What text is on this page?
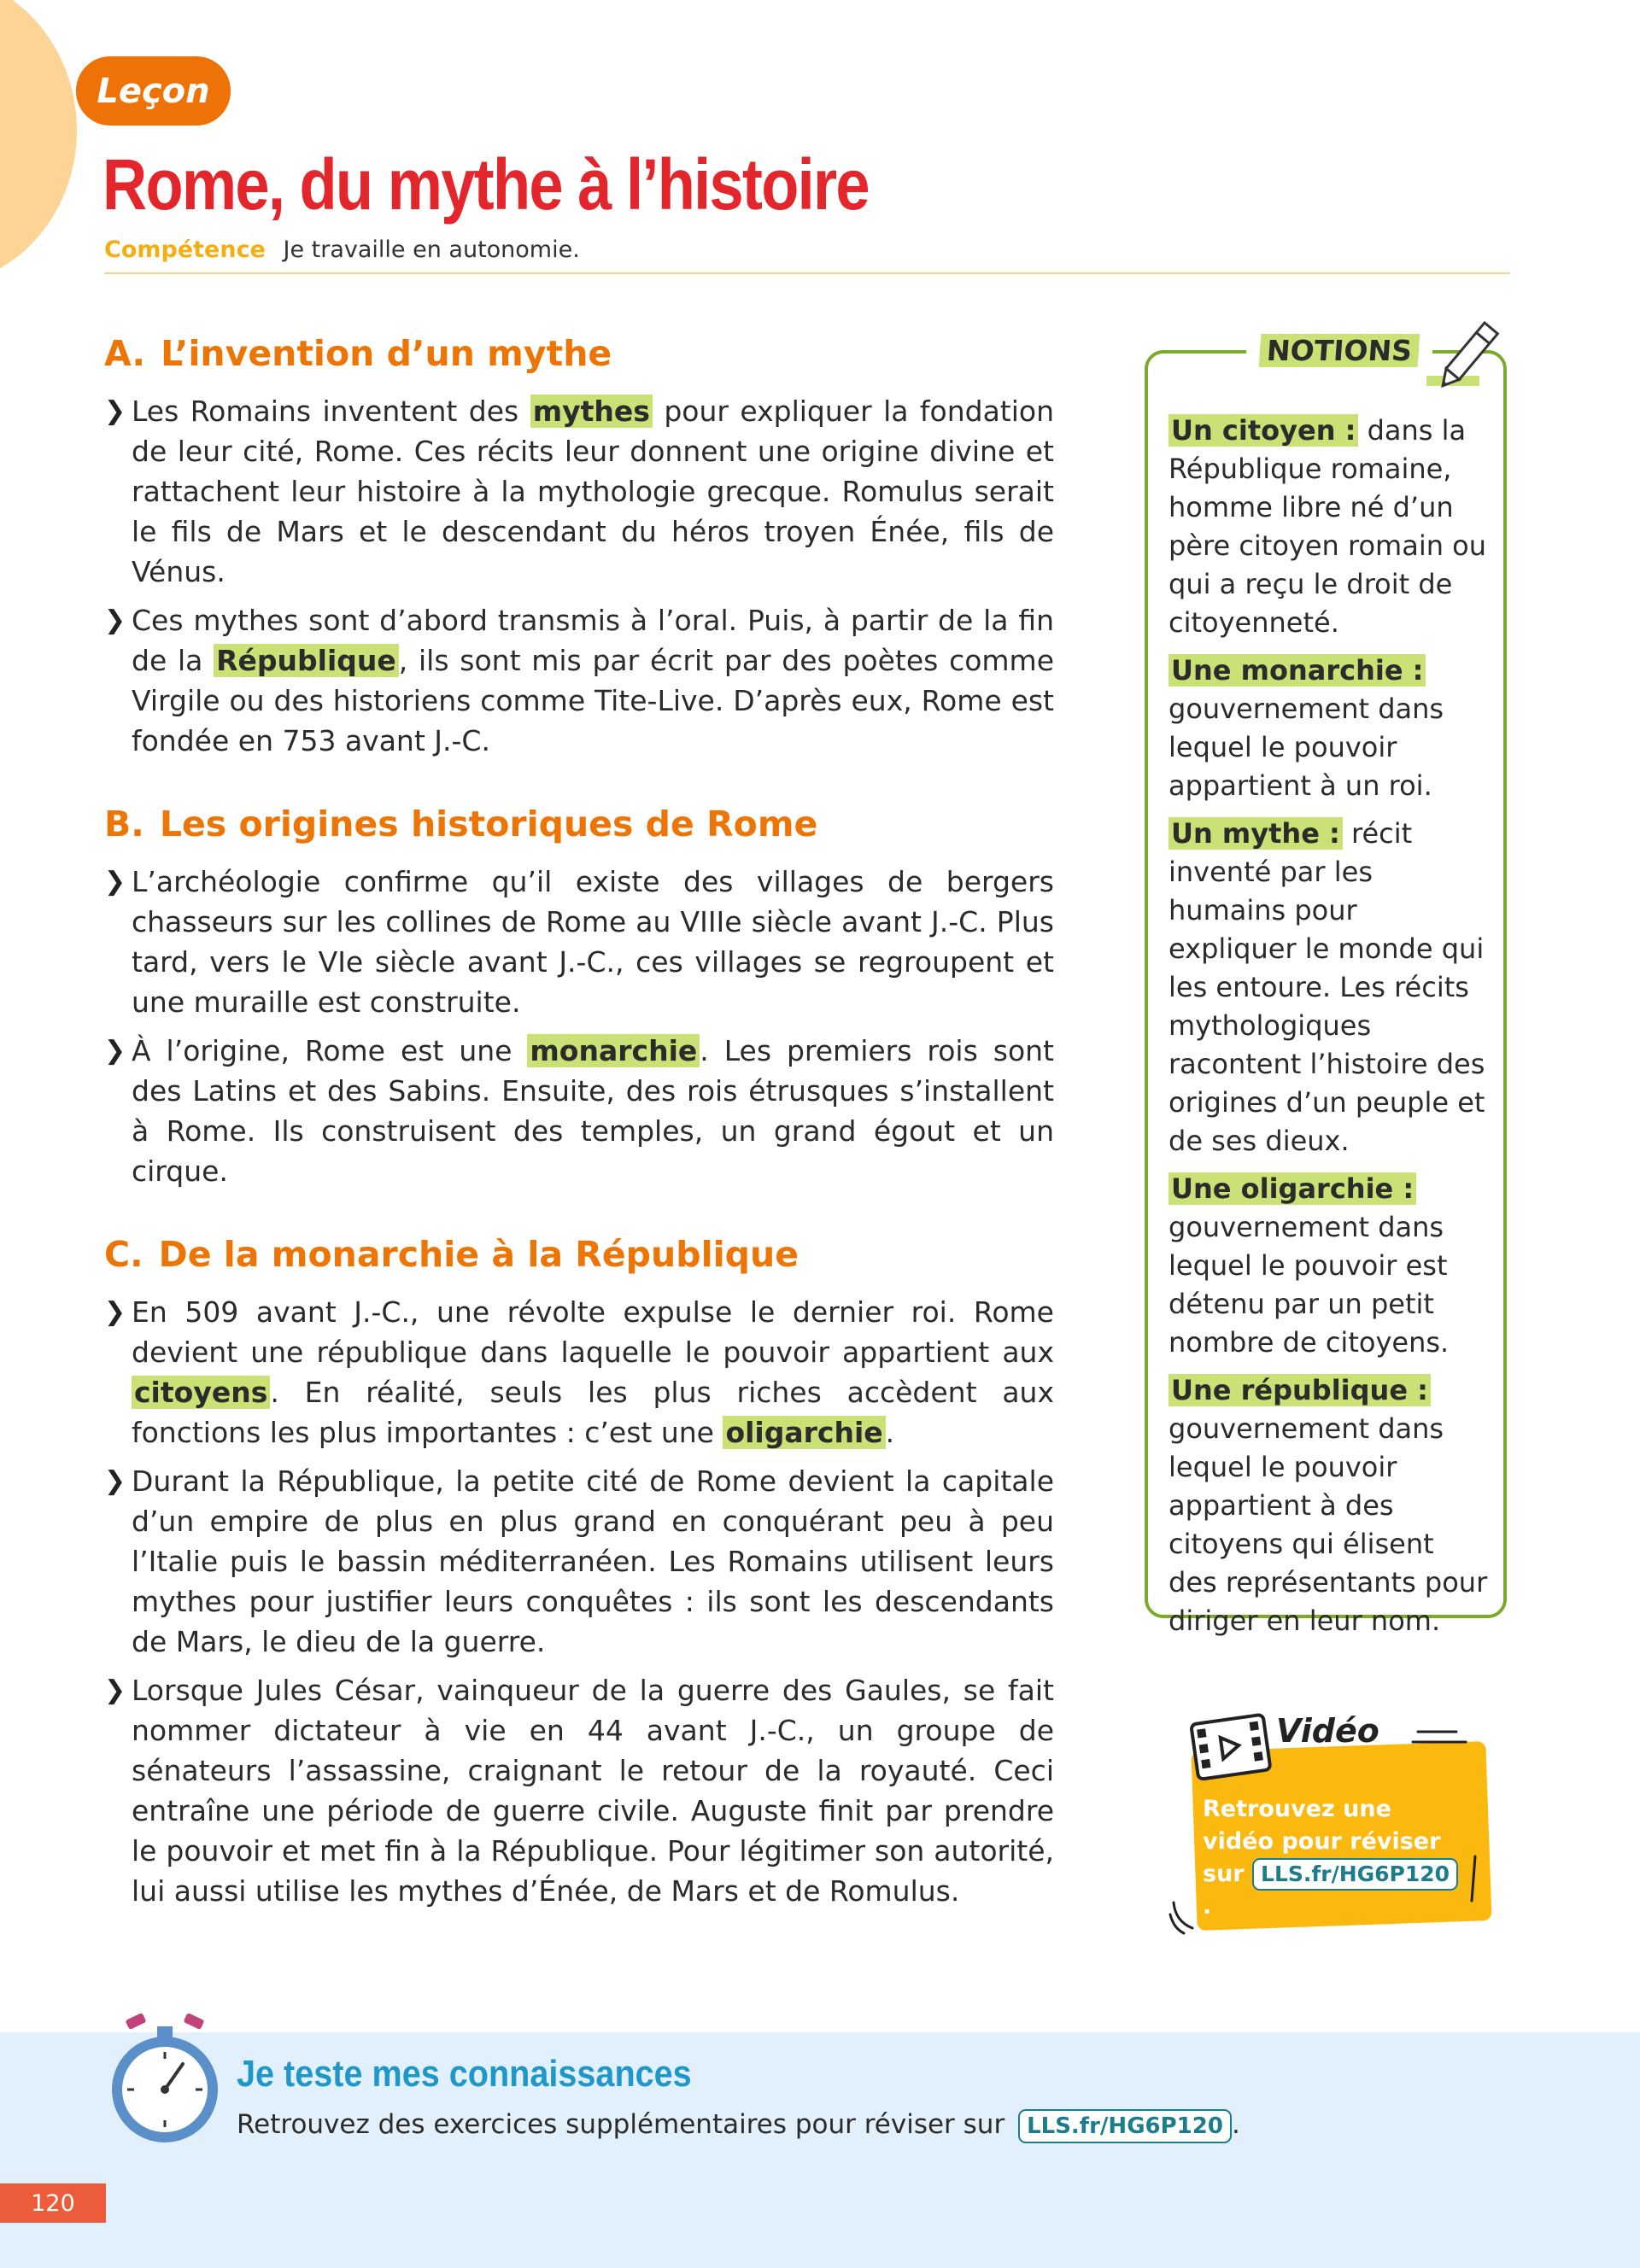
Leçon
Rome, du mythe à l’histoire
Compétence Je travaille en autonomie.
A. L’invention d’un mythe

❯ Les Romains inventent des mythes pour expliquer la fondation de leur cité, Rome. Ces récits leur donnent une origine divine et rattachent leur histoire à la mythologie grecque. Romulus serait le fils de Mars et le descendant du héros troyen Énée, fils de Vénus.

❯ Ces mythes sont d’abord transmis à l’oral. Puis, à partir de la fin de la République, ils sont mis par écrit par des poètes comme Virgile ou des historiens comme Tite-Live. D’après eux, Rome est fondée en 753 avant J.-C.

B. Les origines historiques de Rome

❯ L’archéologie confirme qu’il existe des villages de bergers chasseurs sur les collines de Rome au VIIIe siècle avant J.-C. Plus tard, vers le VIe siècle avant J.-C., ces villages se regroupent et une muraille est construite.

❯ À l’origine, Rome est une monarchie. Les premiers rois sont des Latins et des Sabins. Ensuite, des rois étrusques s’installent à Rome. Ils construisent des temples, un grand égout et un cirque.

C. De la monarchie à la République

❯ En 509 avant J.-C., une révolte expulse le dernier roi. Rome devient une république dans laquelle le pouvoir appartient aux citoyens. En réalité, seuls les plus riches accèdent aux fonctions les plus importantes : c’est une oligarchie.

❯ Durant la République, la petite cité de Rome devient la capitale d’un empire de plus en plus grand en conquérant peu à peu l’Italie puis le bassin méditerranéen. Les Romains utilisent leurs mythes pour justifier leurs conquêtes : ils sont les descendants de Mars, le dieu de la guerre.

❯ Lorsque Jules César, vainqueur de la guerre des Gaules, se fait nommer dictateur à vie en 44 avant J.-C., un groupe de sénateurs l’assassine, craignant le retour de la royauté. Ceci entraîne une période de guerre civile. Auguste finit par prendre le pouvoir et met fin à la République. Pour légitimer son autorité, lui aussi utilise les mythes d’Énée, de Mars et de Romulus.

NOTIONS
Un citoyen : dans la République romaine, homme libre né d’un père citoyen romain ou qui a reçu le droit de citoyenneté.
Une monarchie : gouvernement dans lequel le pouvoir appartient à un roi.
Un mythe : récit inventé par les humains pour expliquer le monde qui les entoure. Les récits mythologiques racontent l’histoire des origines d’un peuple et de ses dieux.
Une oligarchie : gouvernement dans lequel le pouvoir est détenu par un petit nombre de citoyens.
Une république : gouvernement dans lequel le pouvoir appartient à des citoyens qui élisent des représentants pour diriger en leur nom.
Vidéo
Retrouvez une vidéo pour réviser sur LLS.fr/HG6P120.
Je teste mes connaissances
Retrouvez des exercices supplémentaires pour réviser sur LLS.fr/HG6P120 .
120
